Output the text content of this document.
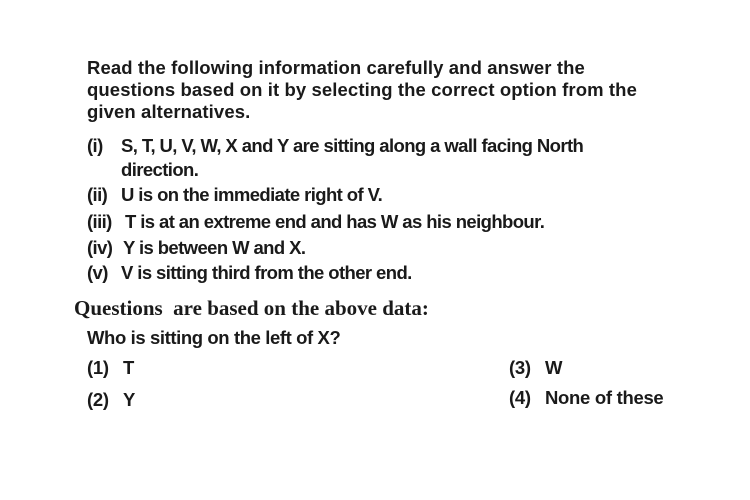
Read the following information carefully and answer the
questions based on it by selecting the correct option from the
given alternatives.
(i) S, T, U, V, W, X and Y are sitting along a wall facing North
direction.
(ii) U is on the immediate right of V.
(iii) T is at an extreme end and has W as his neighbour.
(iv) Y is between W and X.
(v) V is sitting third from the other end.
Questions  are based on the above data:
Who is sitting on the left of X?
(1) T
(2) Y
(3) W
(4) None of these
